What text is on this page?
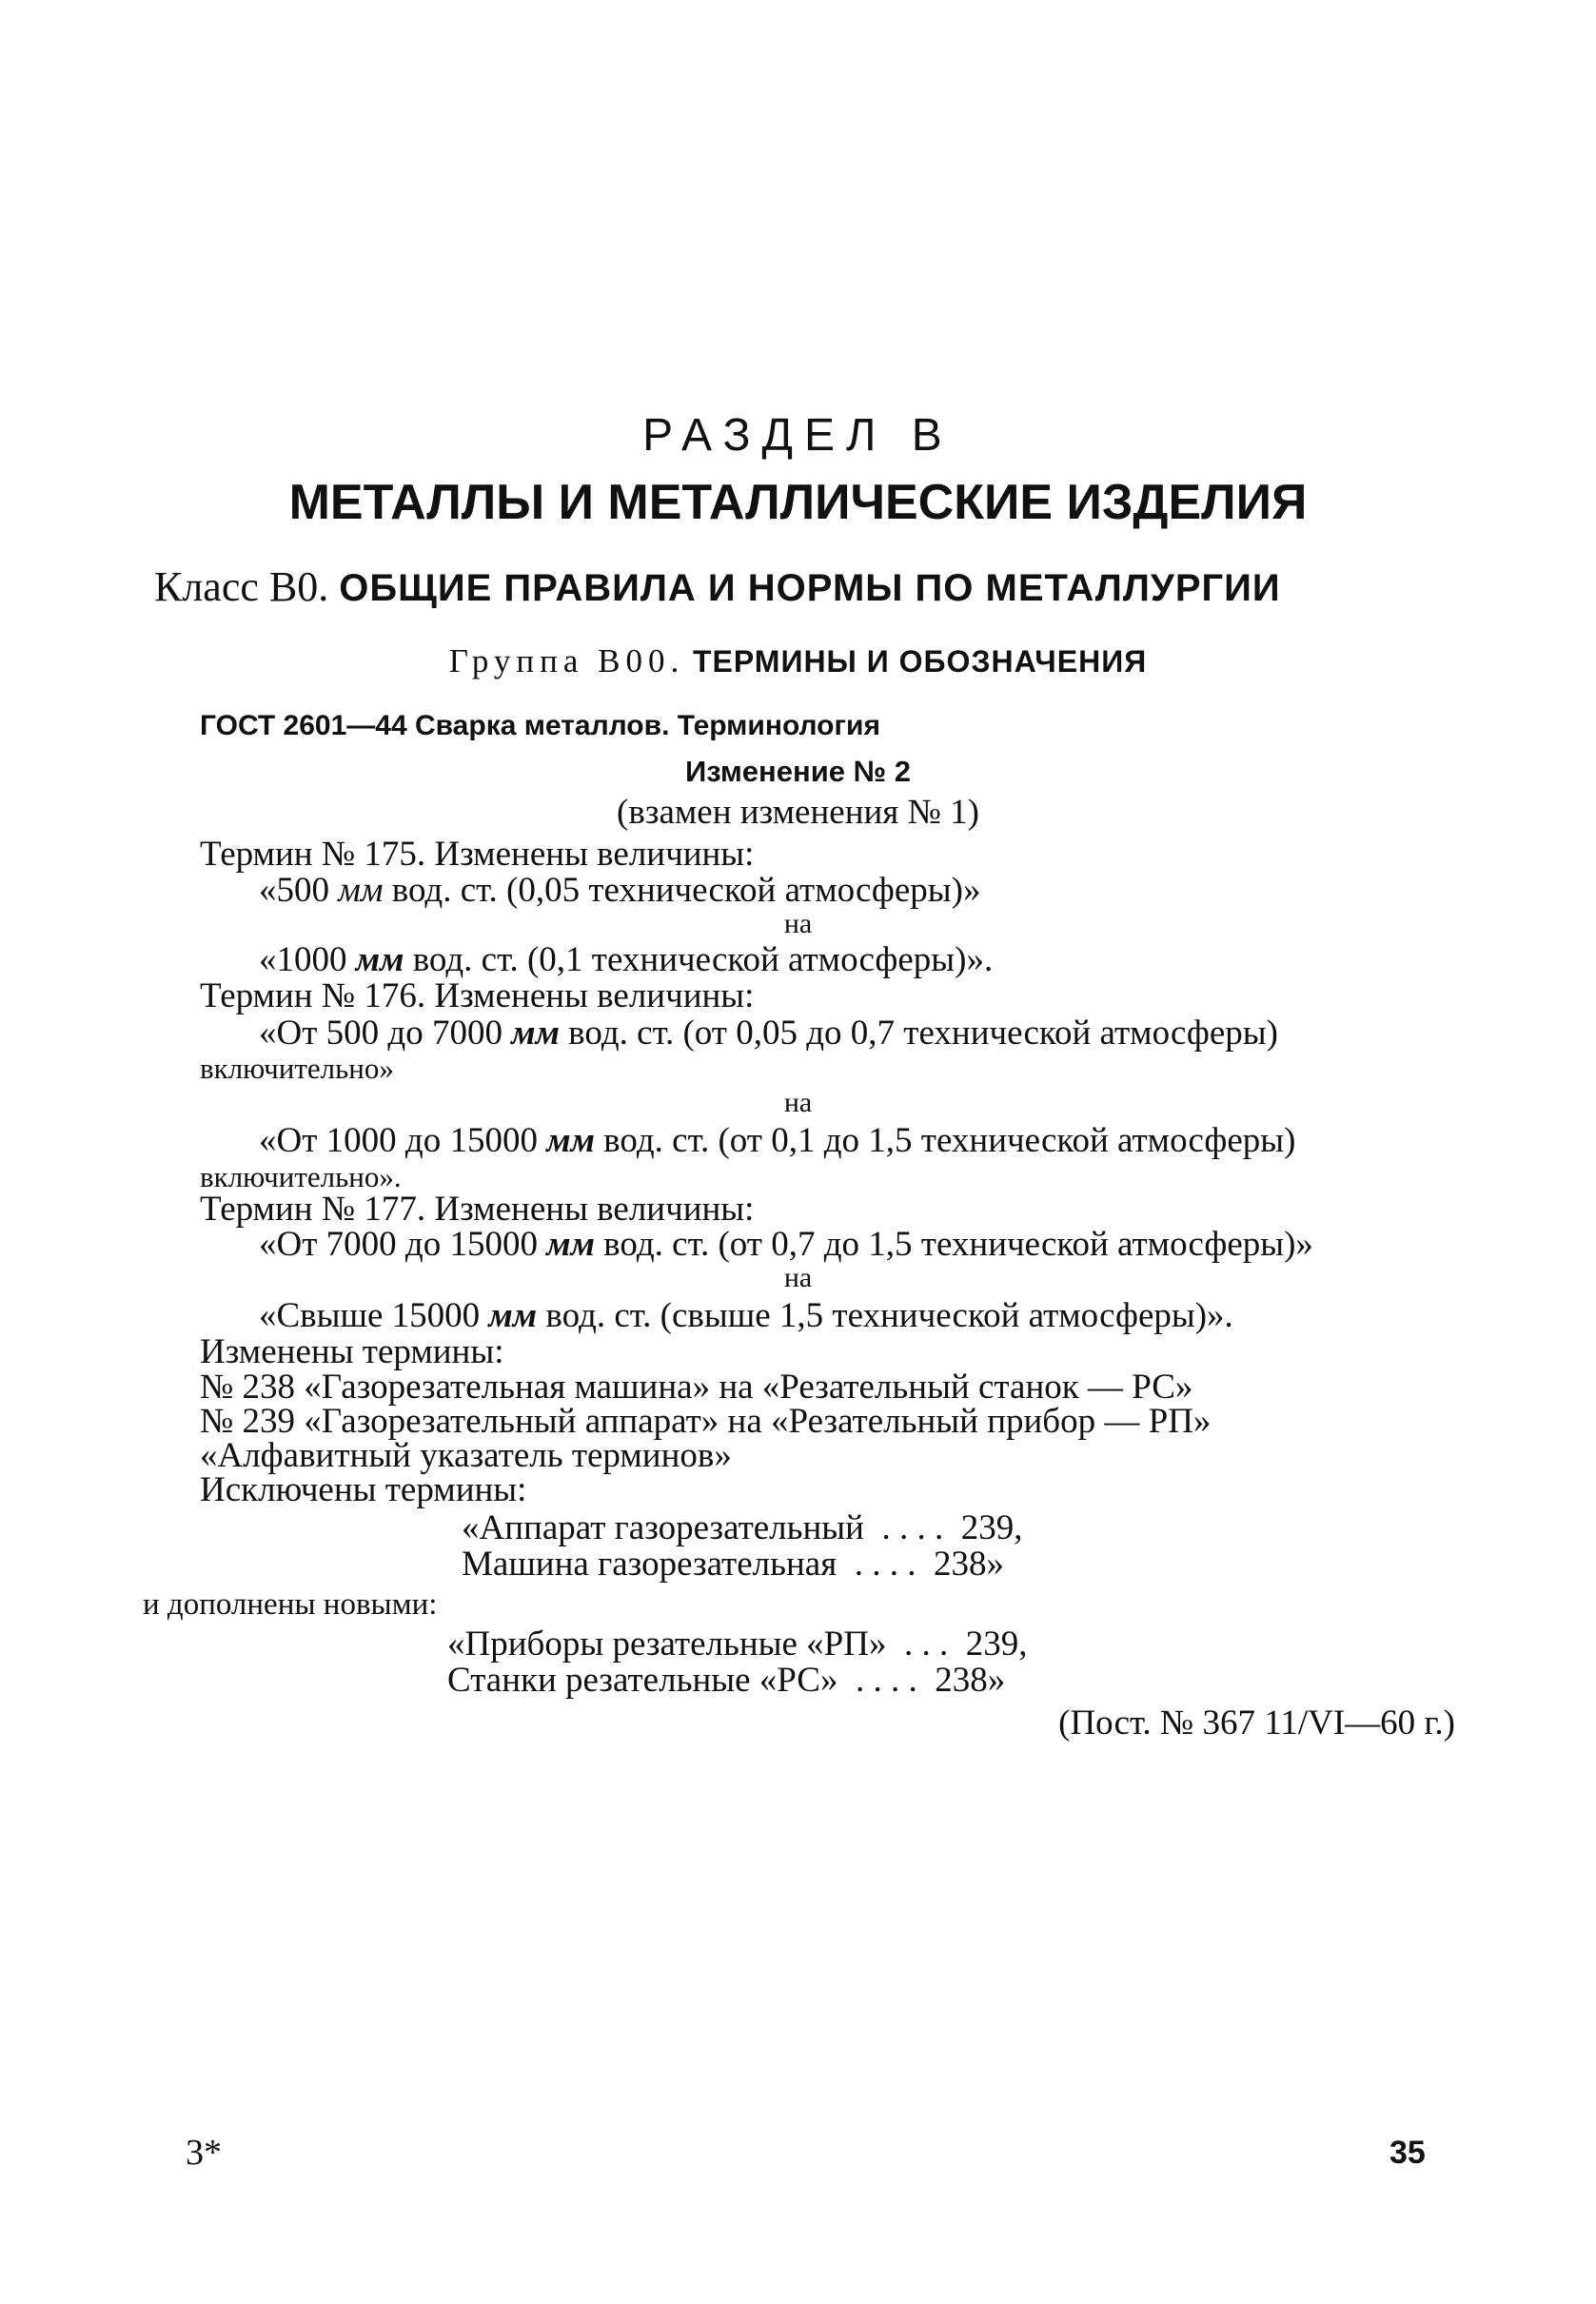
РАЗДЕЛ В
МЕТАЛЛЫ И МЕТАЛЛИЧЕСКИЕ ИЗДЕЛИЯ
Класс В0. ОБЩИЕ ПРАВИЛА И НОРМЫ ПО МЕТАЛЛУРГИИ
Группа В00. ТЕРМИНЫ И ОБОЗНАЧЕНИЯ
ГОСТ 2601—44 Сварка металлов. Терминология
Изменение № 2
(взамен изменения № 1)
Термин № 175. Изменены величины:
«500 мм вод. ст. (0,05 технической атмосферы)»
на
«1000 мм вод. ст. (0,1 технической атмосферы)».
Термин № 176. Изменены величины:
«От 500 до 7000 мм вод. ст. (от 0,05 до 0,7 технической атмосферы)
включительно»
на
«От 1000 до 15000 мм вод. ст. (от 0,1 до 1,5 технической атмосферы)
включительно».
Термин № 177. Изменены величины:
«От 7000 до 15000 мм вод. ст. (от 0,7 до 1,5 технической атмосферы)»
на
«Свыше 15000 мм вод. ст. (свыше 1,5 технической атмосферы)».
Изменены термины:
№ 238 «Газорезательная машина» на «Резательный станок — РС»
№ 239 «Газорезательный аппарат» на «Резательный прибор — РП»
«Алфавитный указатель терминов»
Исключены термины:
«Аппарат газорезательный . . . . 239,
Машина газорезательная . . . . 238»
и дополнены новыми:
«Приборы резательные «РП» . . . 239,
Станки резательные «РС» . . . . 238»
(Пост. № 367 11/VI—60 г.)
3*	35
